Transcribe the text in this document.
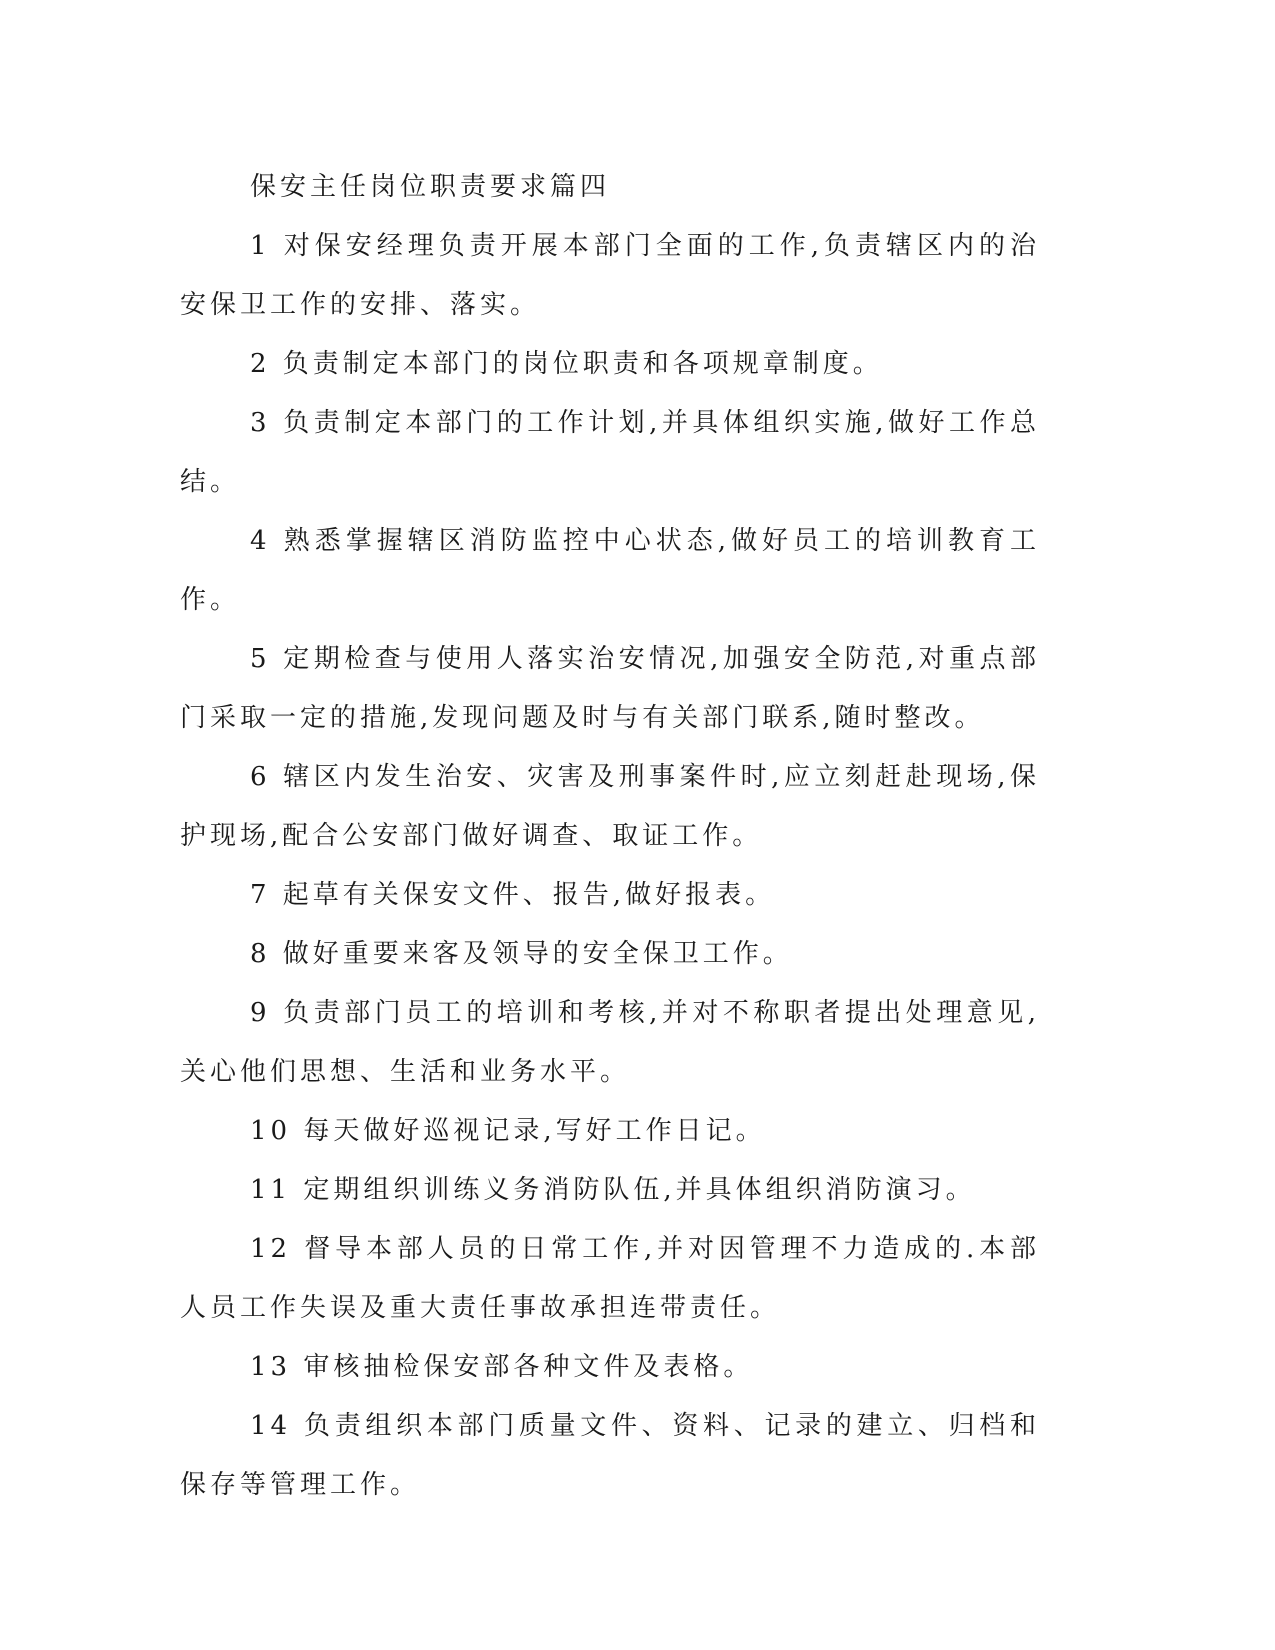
保安主任岗位职责要求篇四

1 对保安经理负责开展本部门全面的工作,负责辖区内的治安保卫工作的安排、落实。

2 负责制定本部门的岗位职责和各项规章制度。

3 负责制定本部门的工作计划,并具体组织实施,做好工作总结。

4 熟悉掌握辖区消防监控中心状态,做好员工的培训教育工作。

5 定期检查与使用人落实治安情况,加强安全防范,对重点部门采取一定的措施,发现问题及时与有关部门联系,随时整改。

6 辖区内发生治安、灾害及刑事案件时,应立刻赶赴现场,保护现场,配合公安部门做好调查、取证工作。

7 起草有关保安文件、报告,做好报表。

8 做好重要来客及领导的安全保卫工作。

9 负责部门员工的培训和考核,并对不称职者提出处理意见,关心他们思想、生活和业务水平。

10 每天做好巡视记录,写好工作日记。

11 定期组织训练义务消防队伍,并具体组织消防演习。

12 督导本部人员的日常工作,并对因管理不力造成的.本部人员工作失误及重大责任事故承担连带责任。

13 审核抽检保安部各种文件及表格。

14 负责组织本部门质量文件、资料、记录的建立、归档和保存等管理工作。
